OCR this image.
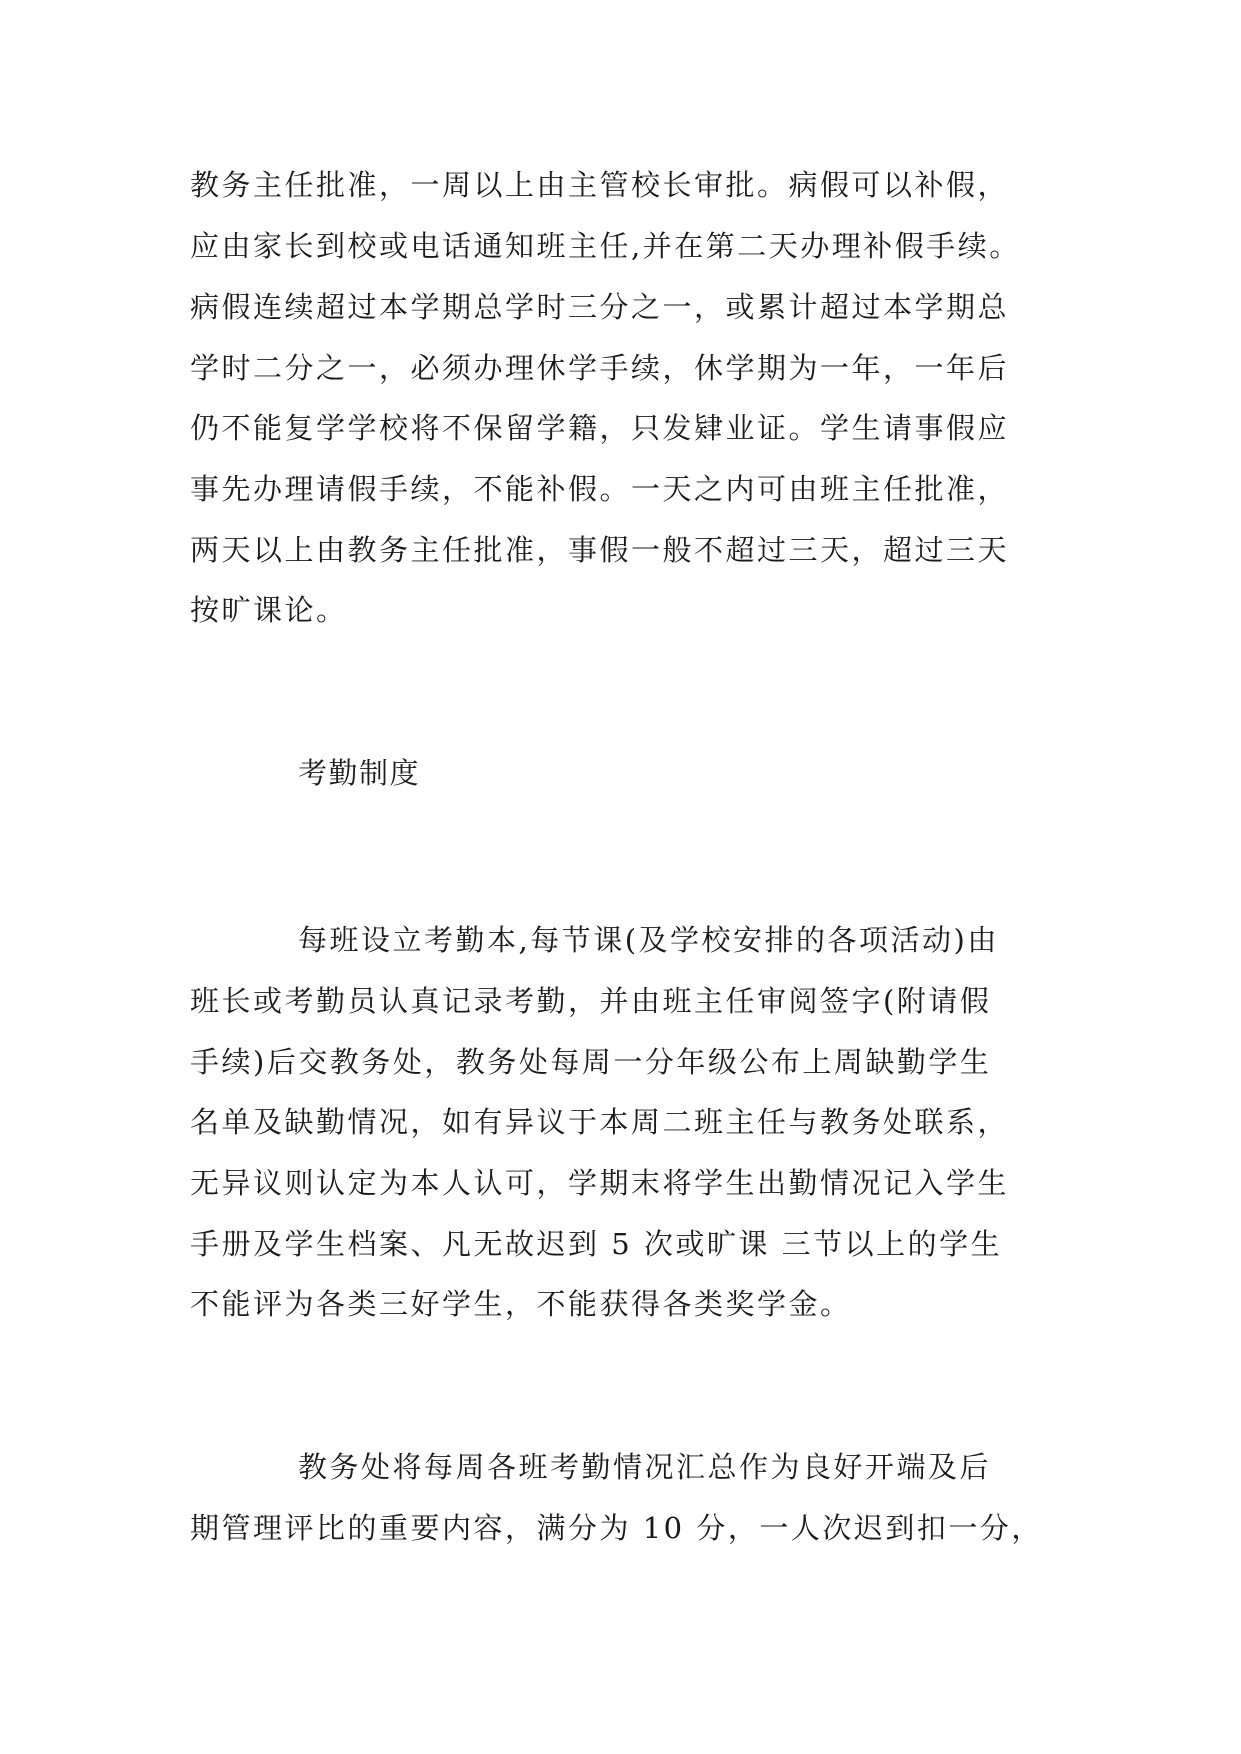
教务主任批准，一周以上由主管校长审批。病假可以补假，
应由家长到校或电话通知班主任,并在第二天办理补假手续。
病假连续超过本学期总学时三分之一，或累计超过本学期总
学时二分之一，必须办理休学手续，休学期为一年，一年后
仍不能复学学校将不保留学籍，只发肄业证。学生请事假应
事先办理请假手续，不能补假。一天之内可由班主任批准，
两天以上由教务主任批准，事假一般不超过三天，超过三天
按旷课论。
考勤制度
每班设立考勤本,每节课(及学校安排的各项活动)由
班长或考勤员认真记录考勤，并由班主任审阅签字(附请假
手续)后交教务处，教务处每周一分年级公布上周缺勤学生
名单及缺勤情况，如有异议于本周二班主任与教务处联系，
无异议则认定为本人认可，学期末将学生出勤情况记入学生
手册及学生档案、凡无故迟到 5 次或旷课 三节以上的学生
不能评为各类三好学生，不能获得各类奖学金。
教务处将每周各班考勤情况汇总作为良好开端及后
期管理评比的重要内容，满分为 10 分，一人次迟到扣一分，
